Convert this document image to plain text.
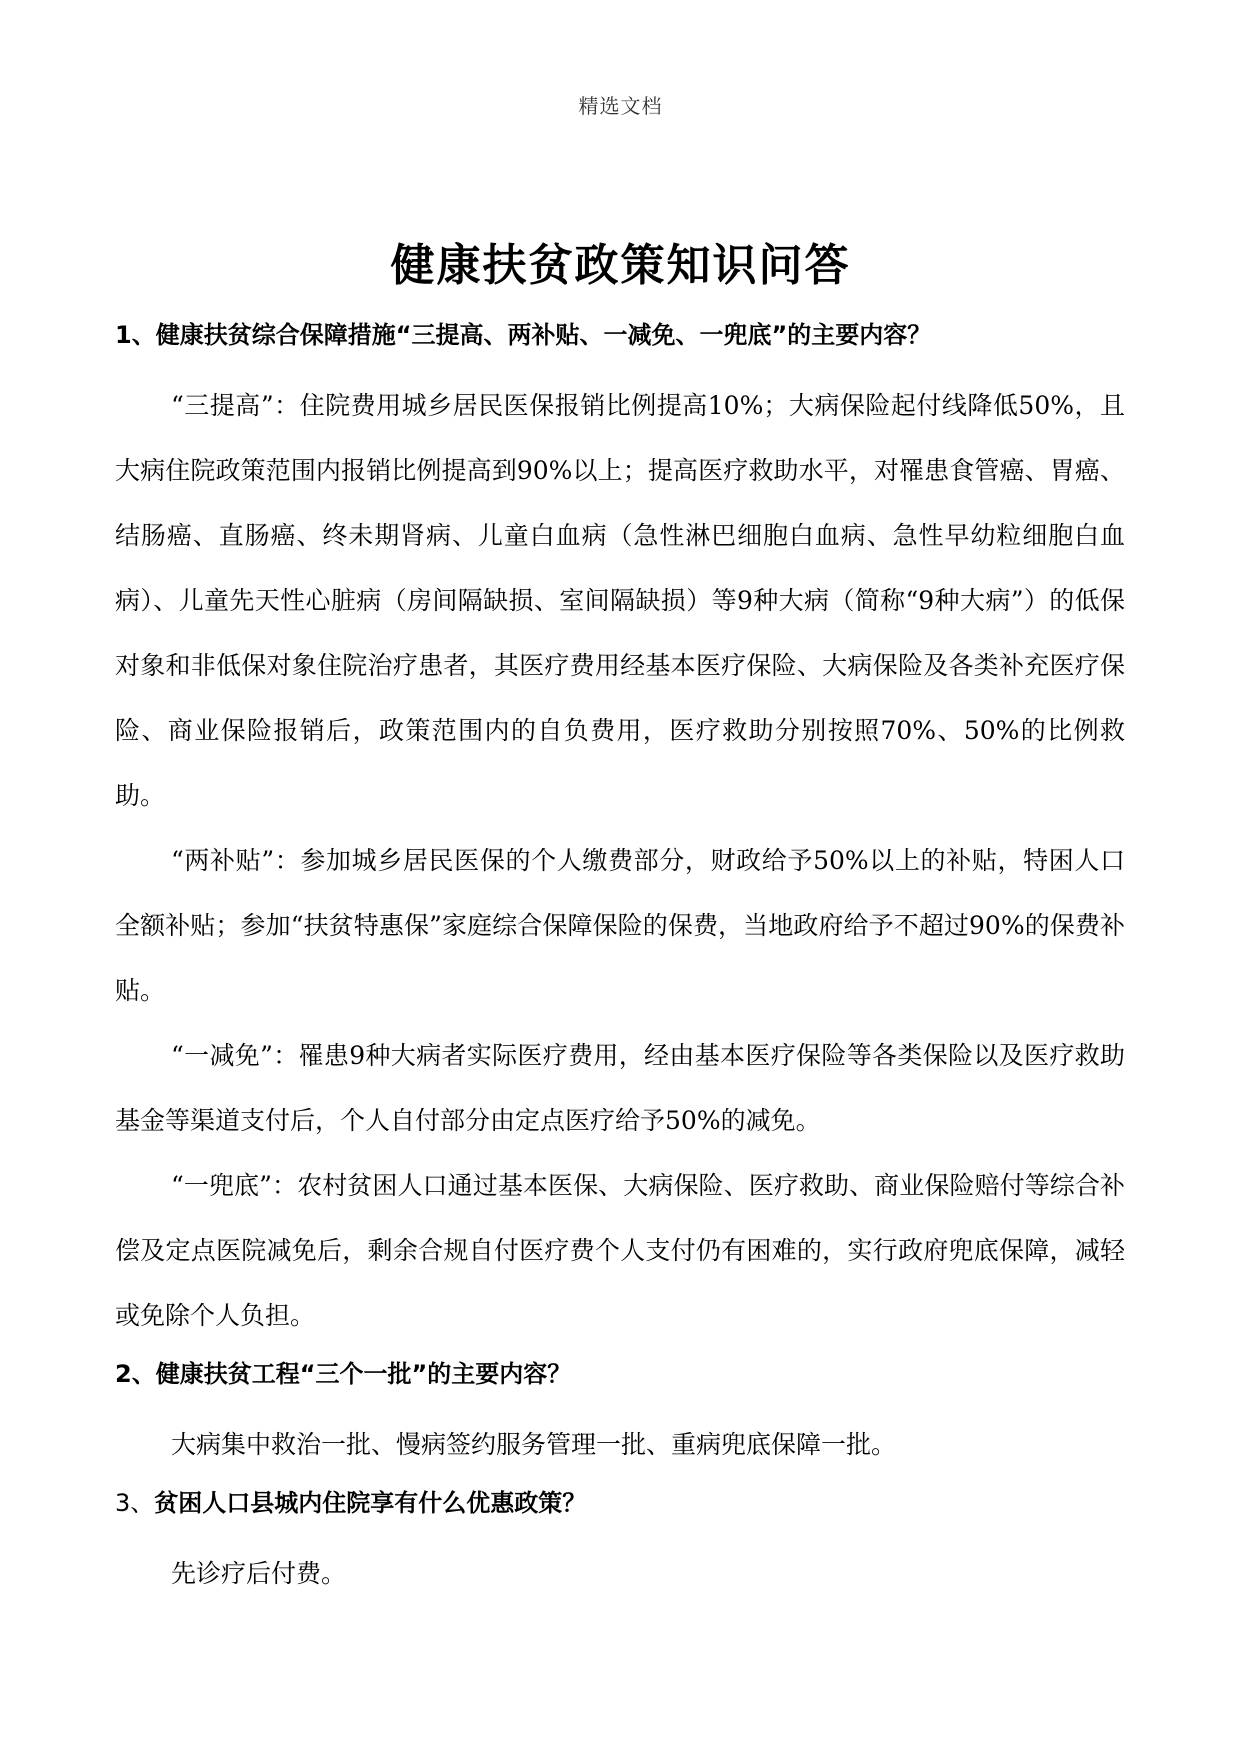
精选文档
健康扶贫政策知识问答
1、健康扶贫综合保障措施“三提高、两补贴、一减免、一兜底”的主要内容？

“三提高”：住院费用城乡居民医保报销比例提高10%；大病保险起付线降低50%，且大病住院政策范围内报销比例提高到90%以上；提高医疗救助水平，对罹患食管癌、胃癌、结肠癌、直肠癌、终未期肾病、儿童白血病（急性淋巴细胞白血病、急性早幼粒细胞白血病）、儿童先天性心脏病（房间隔缺损、室间隔缺损）等9种大病（简称“9种大病”）的低保对象和非低保对象住院治疗患者，其医疗费用经基本医疗保险、大病保险及各类补充医疗保险、商业保险报销后，政策范围内的自负费用，医疗救助分别按照70%、50%的比例救助。

“两补贴”：参加城乡居民医保的个人缴费部分，财政给予50%以上的补贴，特困人口全额补贴；参加“扶贫特惠保”家庭综合保障保险的保费，当地政府给予不超过90%的保费补贴。

“一减免”：罹患9种大病者实际医疗费用，经由基本医疗保险等各类保险以及医疗救助基金等渠道支付后，个人自付部分由定点医疗给予50%的减免。

“一兜底”：农村贫困人口通过基本医保、大病保险、医疗救助、商业保险赔付等综合补偿及定点医院减免后，剩余合规自付医疗费个人支付仍有困难的，实行政府兜底保障，减轻或免除个人负担。

2、健康扶贫工程“三个一批”的主要内容？

大病集中救治一批、慢病签约服务管理一批、重病兜底保障一批。

3、贫困人口县城内住院享有什么优惠政策？

先诊疗后付费。
